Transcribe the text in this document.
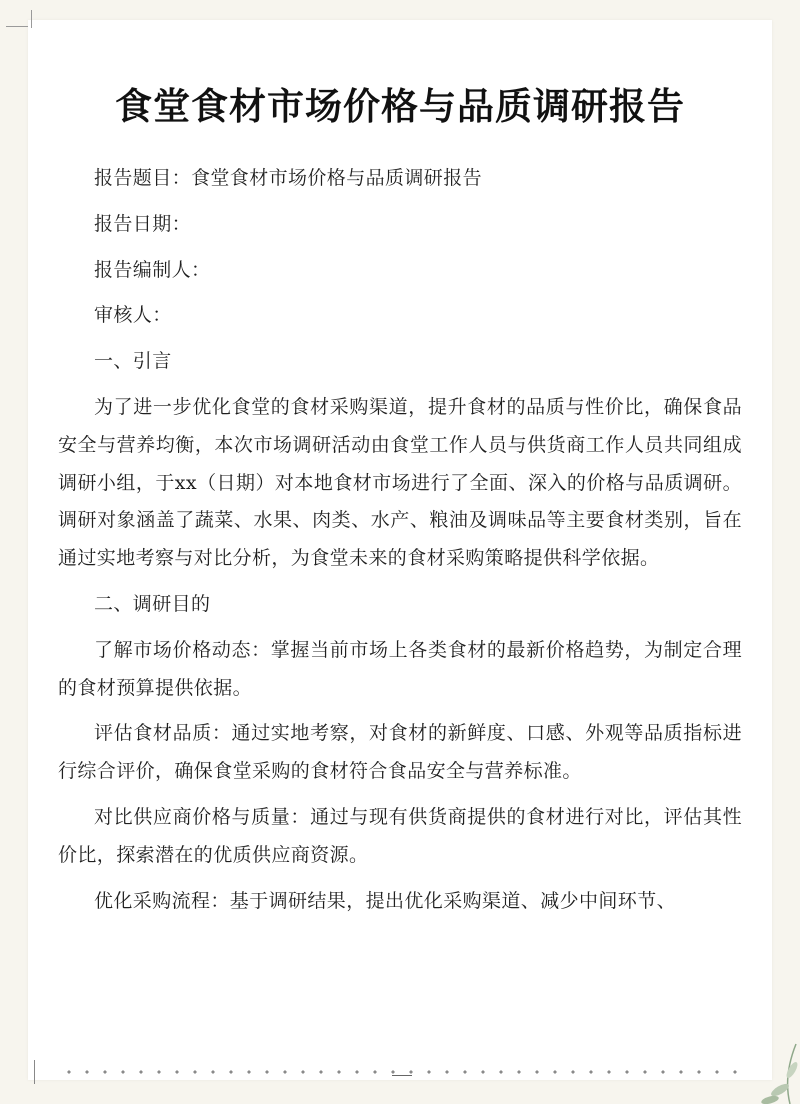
食堂食材市场价格与品质调研报告

报告题目：食堂食材市场价格与品质调研报告

报告日期：

报告编制人：

审核人：

一、引言

为了进一步优化食堂的食材采购渠道，提升食材的品质与性价比，确保食品安全与营养均衡，本次市场调研活动由食堂工作人员与供货商工作人员共同组成调研小组，于xx（日期）对本地食材市场进行了全面、深入的价格与品质调研。调研对象涵盖了蔬菜、水果、肉类、水产、粮油及调味品等主要食材类别，旨在通过实地考察与对比分析，为食堂未来的食材采购策略提供科学依据。

二、调研目的

了解市场价格动态：掌握当前市场上各类食材的最新价格趋势，为制定合理的食材预算提供依据。

评估食材品质：通过实地考察，对食材的新鲜度、口感、外观等品质指标进行综合评价，确保食堂采购的食材符合食品安全与营养标准。

对比供应商价格与质量：通过与现有供货商提供的食材进行对比，评估其性价比，探索潜在的优质供应商资源。

优化采购流程：基于调研结果，提出优化采购渠道、减少中间环节、
